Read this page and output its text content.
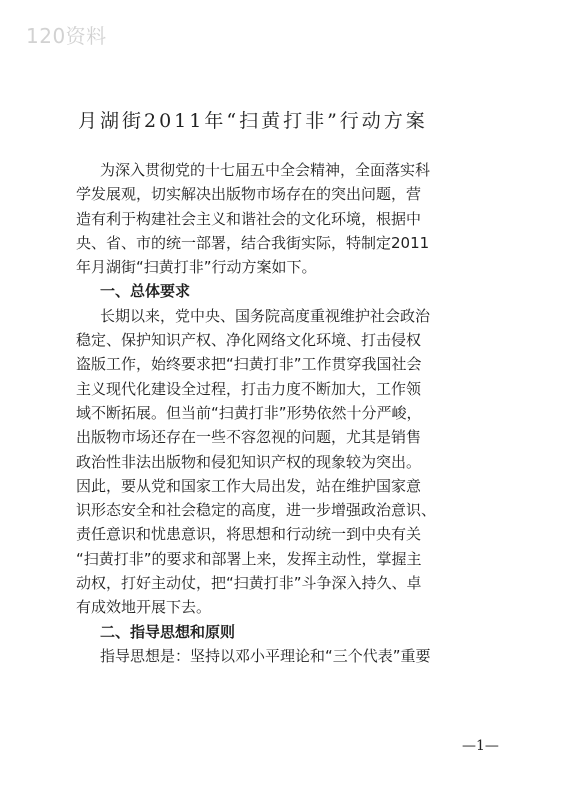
120资料
月湖街2011年“扫黄打非”行动方案
为深入贯彻党的十七届五中全会精神，全面落实科
学发展观，切实解决出版物市场存在的突出问题，营
造有利于构建社会主义和谐社会的文化环境，根据中
央、省、市的统一部署，结合我街实际，特制定2011
年月湖街“扫黄打非”行动方案如下。
一、总体要求
长期以来，党中央、国务院高度重视维护社会政治
稳定、保护知识产权、净化网络文化环境、打击侵权
盗版工作，始终要求把“扫黄打非”工作贯穿我国社会
主义现代化建设全过程，打击力度不断加大，工作领
域不断拓展。但当前“扫黄打非”形势依然十分严峻，
出版物市场还存在一些不容忽视的问题，尤其是销售
政治性非法出版物和侵犯知识产权的现象较为突出。
因此，要从党和国家工作大局出发，站在维护国家意
识形态安全和社会稳定的高度，进一步增强政治意识、
责任意识和忧患意识，将思想和行动统一到中央有关
“扫黄打非”的要求和部署上来，发挥主动性，掌握主
动权，打好主动仗，把“扫黄打非”斗争深入持久、卓
有成效地开展下去。
二、指导思想和原则
指导思想是：坚持以邓小平理论和“三个代表”重要
—1—
